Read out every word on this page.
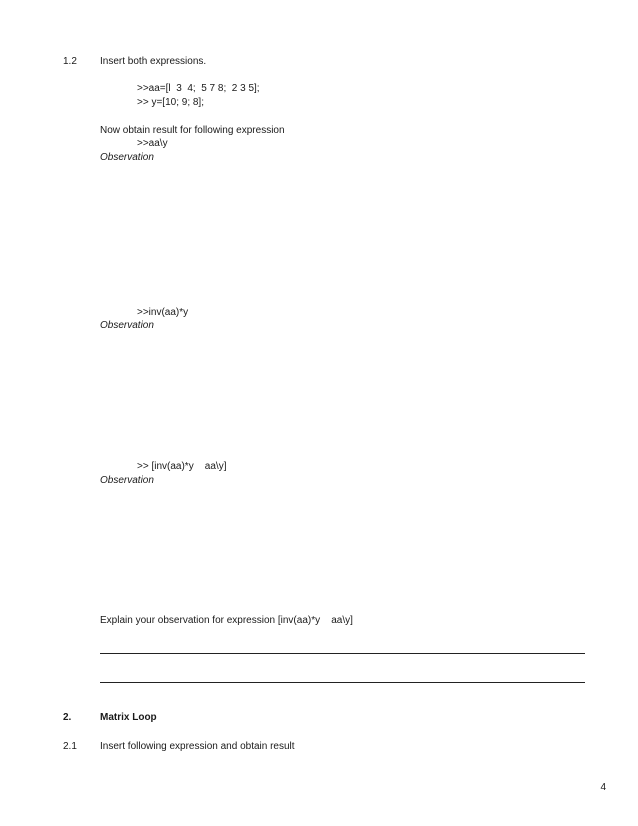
1.2 Insert both expressions.
>>aa=[l  3  4;  5 7 8;  2 3 5];
>> y=[10; 9; 8];
Now obtain result for following expression
>>aa\y
Observation
>>inv(aa)*y
Observation
>> [inv(aa)*y    aa\y]
Observation
Explain your observation for expression [inv(aa)*y    aa\y]
2.	Matrix Loop
2.1 Insert following expression and obtain result
4
